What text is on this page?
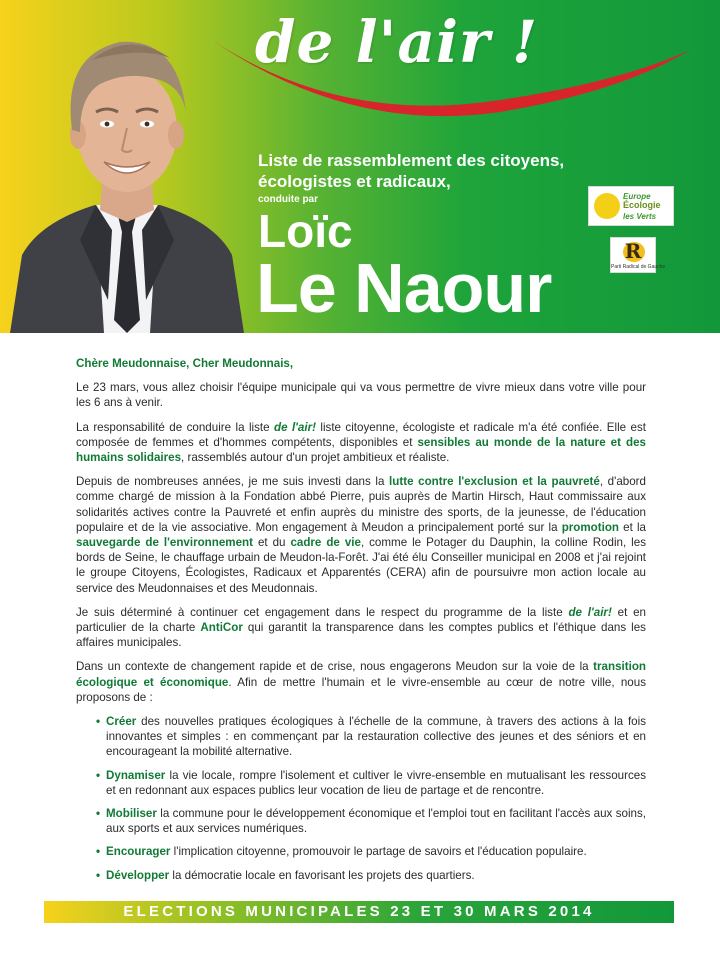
de l'air !
Liste de rassemblement des citoyens,
écologistes et radicaux,
conduite par
Loïc
Le Naour
Europe
Écologie
les Verts
R
Parti Radical de Gauche

Chère Meudonnaise, Cher Meudonnais,

Le 23 mars, vous allez choisir l'équipe municipale qui va vous permettre de vivre mieux dans votre ville pour les 6 ans à venir.

La responsabilité de conduire la liste de l'air! liste citoyenne, écologiste et radicale m'a été confiée. Elle est composée de femmes et d'hommes compétents, disponibles et sensibles au monde de la nature et des humains solidaires, rassemblés autour d'un projet ambitieux et réaliste.

Depuis de nombreuses années, je me suis investi dans la lutte contre l'exclusion et la pauvreté, d'abord comme chargé de mission à la Fondation abbé Pierre, puis auprès de Martin Hirsch, Haut commissaire aux solidarités actives contre la Pauvreté et enfin auprès du ministre des sports, de la jeunesse, de l'éducation populaire et de la vie associative. Mon engagement à Meudon a principalement porté sur la promotion et la sauvegarde de l'environnement et du cadre de vie, comme le Potager du Dauphin, la colline Rodin, les bords de Seine, le chauffage urbain de Meudon-la-Forêt. J'ai été élu Conseiller municipal en 2008 et j'ai rejoint le groupe Citoyens, Écologistes, Radicaux et Apparentés (CERA) afin de poursuivre mon action locale au service des Meudonnaises et des Meudonnais.

Je suis déterminé à continuer cet engagement dans le respect du programme de la liste de l'air! et en particulier de la charte AntiCor qui garantit la transparence dans les comptes publics et l'éthique dans les affaires municipales.

Dans un contexte de changement rapide et de crise, nous engagerons Meudon sur la voie de la transition écologique et économique. Afin de mettre l'humain et le vivre-ensemble au cœur de notre ville, nous proposons de :

• Créer des nouvelles pratiques écologiques à l'échelle de la commune, à travers des actions à la fois innovantes et simples : en commençant par la restauration collective des jeunes et des séniors et en encourageant la mobilité alternative.
• Dynamiser la vie locale, rompre l'isolement et cultiver le vivre-ensemble en mutualisant les ressources et en redonnant aux espaces publics leur vocation de lieu de partage et de rencontre.
• Mobiliser la commune pour le développement économique et l'emploi tout en facilitant l'accès aux soins, aux sports et aux services numériques.
• Encourager l'implication citoyenne, promouvoir le partage de savoirs et l'éducation populaire.
• Développer la démocratie locale en favorisant les projets des quartiers.
ELECTIONS MUNICIPALES 23 ET 30 MARS 2014
